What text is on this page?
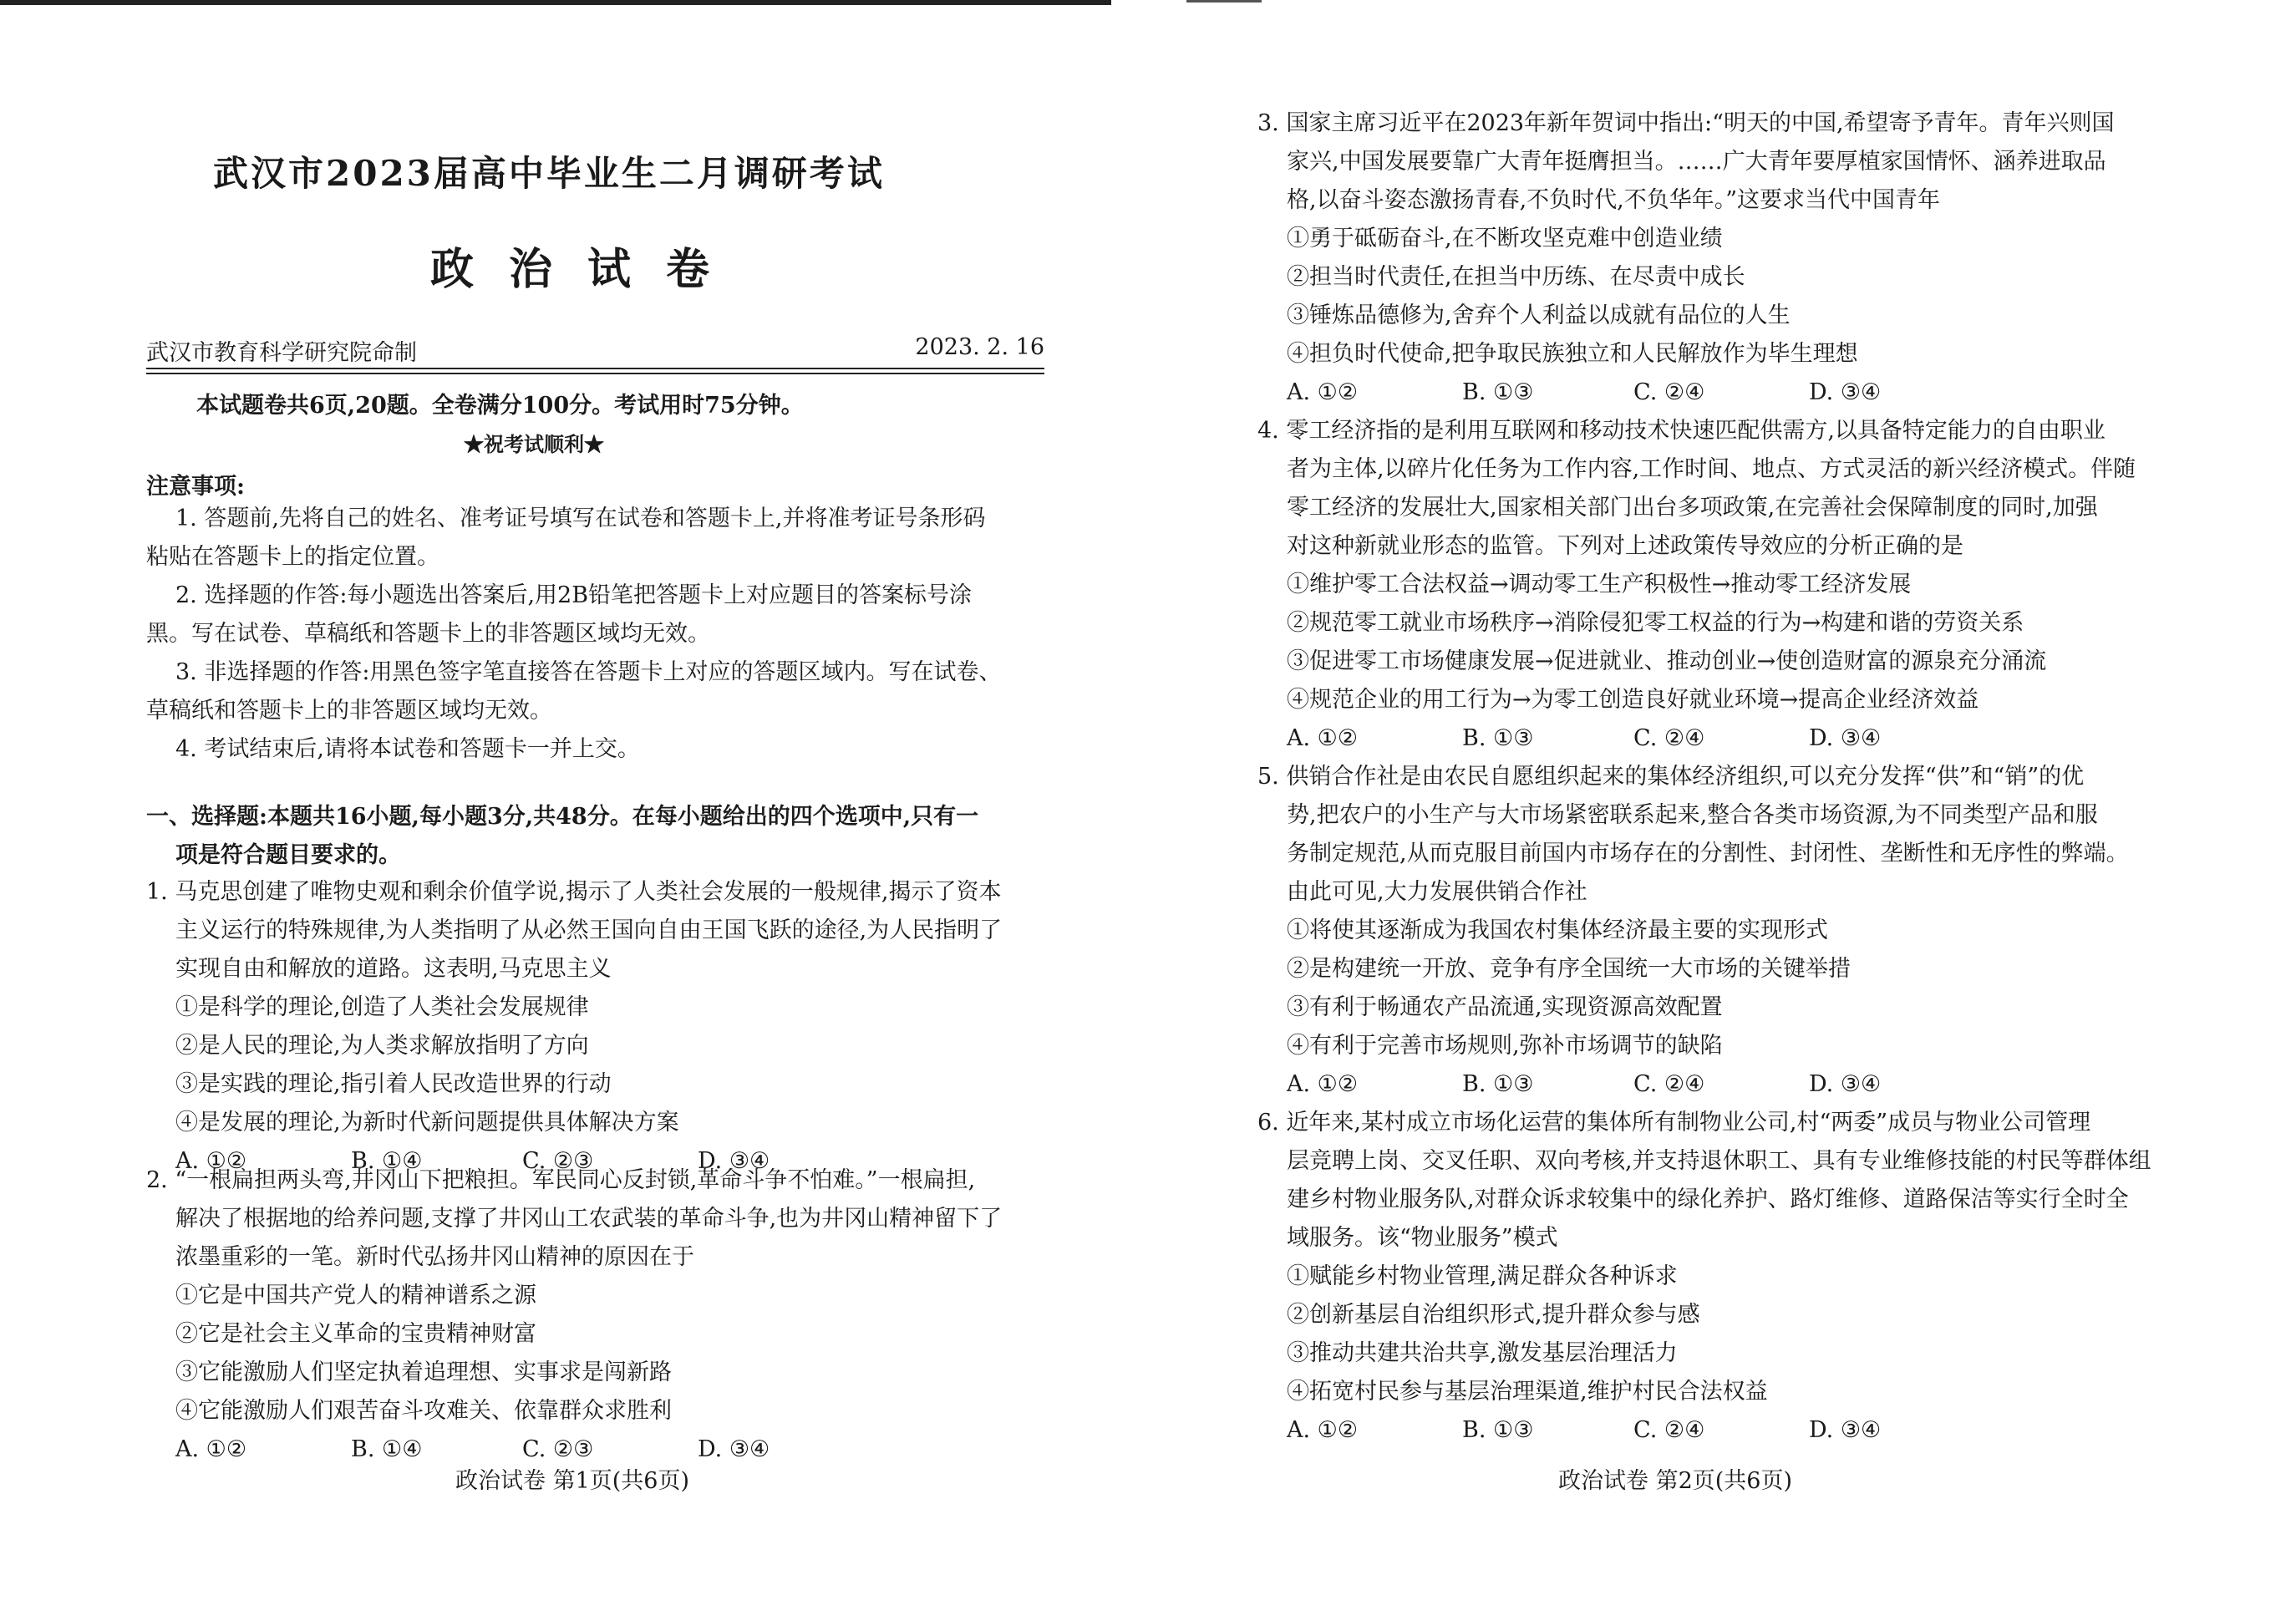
武汉市2023届高中毕业生二月调研考试
政治试卷
武汉市教育科学研究院命制	2023. 2. 16
本试题卷共6页,20题。全卷满分100分。考试用时75分钟。
★祝考试顺利★
注意事项:
1. 答题前,先将自己的姓名、准考证号填写在试卷和答题卡上,并将准考证号条形码
粘贴在答题卡上的指定位置。
2. 选择题的作答:每小题选出答案后,用2B铅笔把答题卡上对应题目的答案标号涂
黑。写在试卷、草稿纸和答题卡上的非答题区域均无效。
3. 非选择题的作答:用黑色签字笔直接答在答题卡上对应的答题区域内。写在试卷、
草稿纸和答题卡上的非答题区域均无效。
4. 考试结束后,请将本试卷和答题卡一并上交。
一、选择题:本题共16小题,每小题3分,共48分。在每小题给出的四个选项中,只有一
项是符合题目要求的。
1. 马克思创建了唯物史观和剩余价值学说,揭示了人类社会发展的一般规律,揭示了资本
主义运行的特殊规律,为人类指明了从必然王国向自由王国飞跃的途径,为人民指明了
实现自由和解放的道路。这表明,马克思主义
①是科学的理论,创造了人类社会发展规律
②是人民的理论,为人类求解放指明了方向
③是实践的理论,指引着人民改造世界的行动
④是发展的理论,为新时代新问题提供具体解决方案
A. ①②	B. ①④	C. ②③	D. ③④
2. “一根扁担两头弯,井冈山下把粮担。军民同心反封锁,革命斗争不怕难。”一根扁担,
解决了根据地的给养问题,支撑了井冈山工农武装的革命斗争,也为井冈山精神留下了
浓墨重彩的一笔。新时代弘扬井冈山精神的原因在于
①它是中国共产党人的精神谱系之源
②它是社会主义革命的宝贵精神财富
③它能激励人们坚定执着追理想、实事求是闯新路
④它能激励人们艰苦奋斗攻难关、依靠群众求胜利
A. ①②	B. ①④	C. ②③	D. ③④
政治试卷 第1页(共6页)
3. 国家主席习近平在2023年新年贺词中指出:“明天的中国,希望寄予青年。青年兴则国
家兴,中国发展要靠广大青年挺膺担当。……广大青年要厚植家国情怀、涵养进取品
格,以奋斗姿态激扬青春,不负时代,不负华年。”这要求当代中国青年
①勇于砥砺奋斗,在不断攻坚克难中创造业绩
②担当时代责任,在担当中历练、在尽责中成长
③锤炼品德修为,舍弃个人利益以成就有品位的人生
④担负时代使命,把争取民族独立和人民解放作为毕生理想
A. ①②	B. ①③	C. ②④	D. ③④
4. 零工经济指的是利用互联网和移动技术快速匹配供需方,以具备特定能力的自由职业
者为主体,以碎片化任务为工作内容,工作时间、地点、方式灵活的新兴经济模式。伴随
零工经济的发展壮大,国家相关部门出台多项政策,在完善社会保障制度的同时,加强
对这种新就业形态的监管。下列对上述政策传导效应的分析正确的是
①维护零工合法权益→调动零工生产积极性→推动零工经济发展
②规范零工就业市场秩序→消除侵犯零工权益的行为→构建和谐的劳资关系
③促进零工市场健康发展→促进就业、推动创业→使创造财富的源泉充分涌流
④规范企业的用工行为→为零工创造良好就业环境→提高企业经济效益
A. ①②	B. ①③	C. ②④	D. ③④
5. 供销合作社是由农民自愿组织起来的集体经济组织,可以充分发挥“供”和“销”的优
势,把农户的小生产与大市场紧密联系起来,整合各类市场资源,为不同类型产品和服
务制定规范,从而克服目前国内市场存在的分割性、封闭性、垄断性和无序性的弊端。
由此可见,大力发展供销合作社
①将使其逐渐成为我国农村集体经济最主要的实现形式
②是构建统一开放、竞争有序全国统一大市场的关键举措
③有利于畅通农产品流通,实现资源高效配置
④有利于完善市场规则,弥补市场调节的缺陷
A. ①②	B. ①③	C. ②④	D. ③④
6. 近年来,某村成立市场化运营的集体所有制物业公司,村“两委”成员与物业公司管理
层竞聘上岗、交叉任职、双向考核,并支持退休职工、具有专业维修技能的村民等群体组
建乡村物业服务队,对群众诉求较集中的绿化养护、路灯维修、道路保洁等实行全时全
域服务。该“物业服务”模式
①赋能乡村物业管理,满足群众各种诉求
②创新基层自治组织形式,提升群众参与感
③推动共建共治共享,激发基层治理活力
④拓宽村民参与基层治理渠道,维护村民合法权益
A. ①②	B. ①③	C. ②④	D. ③④
政治试卷 第2页(共6页)
